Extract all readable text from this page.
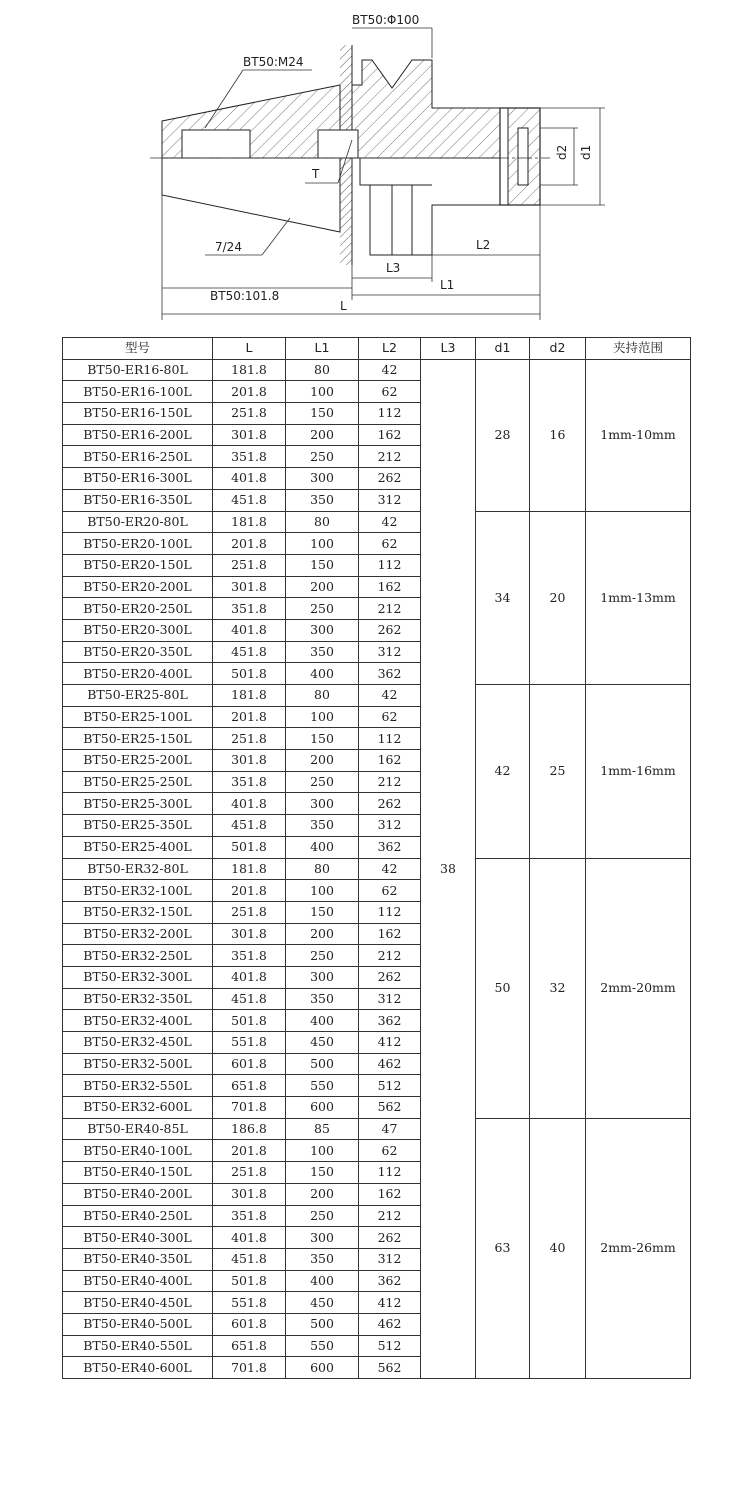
d1
d2
BT50:Φ100
BT50:M24
T
7/24	L2
L3
L1
BT50:101.8
L
型号	L	L1	L2	L3	d1	d2	夹持范围
BT50-ER16-80L	181.8	80	42	38	28	16	1mm-10mm
BT50-ER16-100L	201.8	100	62				
BT50-ER16-150L	251.8	150	112				
BT50-ER16-200L	301.8	200	162				
BT50-ER16-250L	351.8	250	212				
BT50-ER16-300L	401.8	300	262				
BT50-ER16-350L	451.8	350	312				
BT50-ER20-80L	181.8	80	42		34	20	1mm-13mm
BT50-ER20-100L	201.8	100	62				
BT50-ER20-150L	251.8	150	112				
BT50-ER20-200L	301.8	200	162				
BT50-ER20-250L	351.8	250	212				
BT50-ER20-300L	401.8	300	262				
BT50-ER20-350L	451.8	350	312				
BT50-ER20-400L	501.8	400	362				
BT50-ER25-80L	181.8	80	42		42	25	1mm-16mm
BT50-ER25-100L	201.8	100	62				
BT50-ER25-150L	251.8	150	112				
BT50-ER25-200L	301.8	200	162				
BT50-ER25-250L	351.8	250	212				
BT50-ER25-300L	401.8	300	262				
BT50-ER25-350L	451.8	350	312				
BT50-ER25-400L	501.8	400	362				
BT50-ER32-80L	181.8	80	42		50	32	2mm-20mm
BT50-ER32-100L	201.8	100	62				
BT50-ER32-150L	251.8	150	112				
BT50-ER32-200L	301.8	200	162				
BT50-ER32-250L	351.8	250	212				
BT50-ER32-300L	401.8	300	262				
BT50-ER32-350L	451.8	350	312				
BT50-ER32-400L	501.8	400	362				
BT50-ER32-450L	551.8	450	412				
BT50-ER32-500L	601.8	500	462				
BT50-ER32-550L	651.8	550	512				
BT50-ER32-600L	701.8	600	562				
BT50-ER40-85L	186.8	85	47		63	40	2mm-26mm
BT50-ER40-100L	201.8	100	62				
BT50-ER40-150L	251.8	150	112				
BT50-ER40-200L	301.8	200	162				
BT50-ER40-250L	351.8	250	212				
BT50-ER40-300L	401.8	300	262				
BT50-ER40-350L	451.8	350	312				
BT50-ER40-400L	501.8	400	362				
BT50-ER40-450L	551.8	450	412				
BT50-ER40-500L	601.8	500	462				
BT50-ER40-550L	651.8	550	512				
BT50-ER40-600L	701.8	600	562				
